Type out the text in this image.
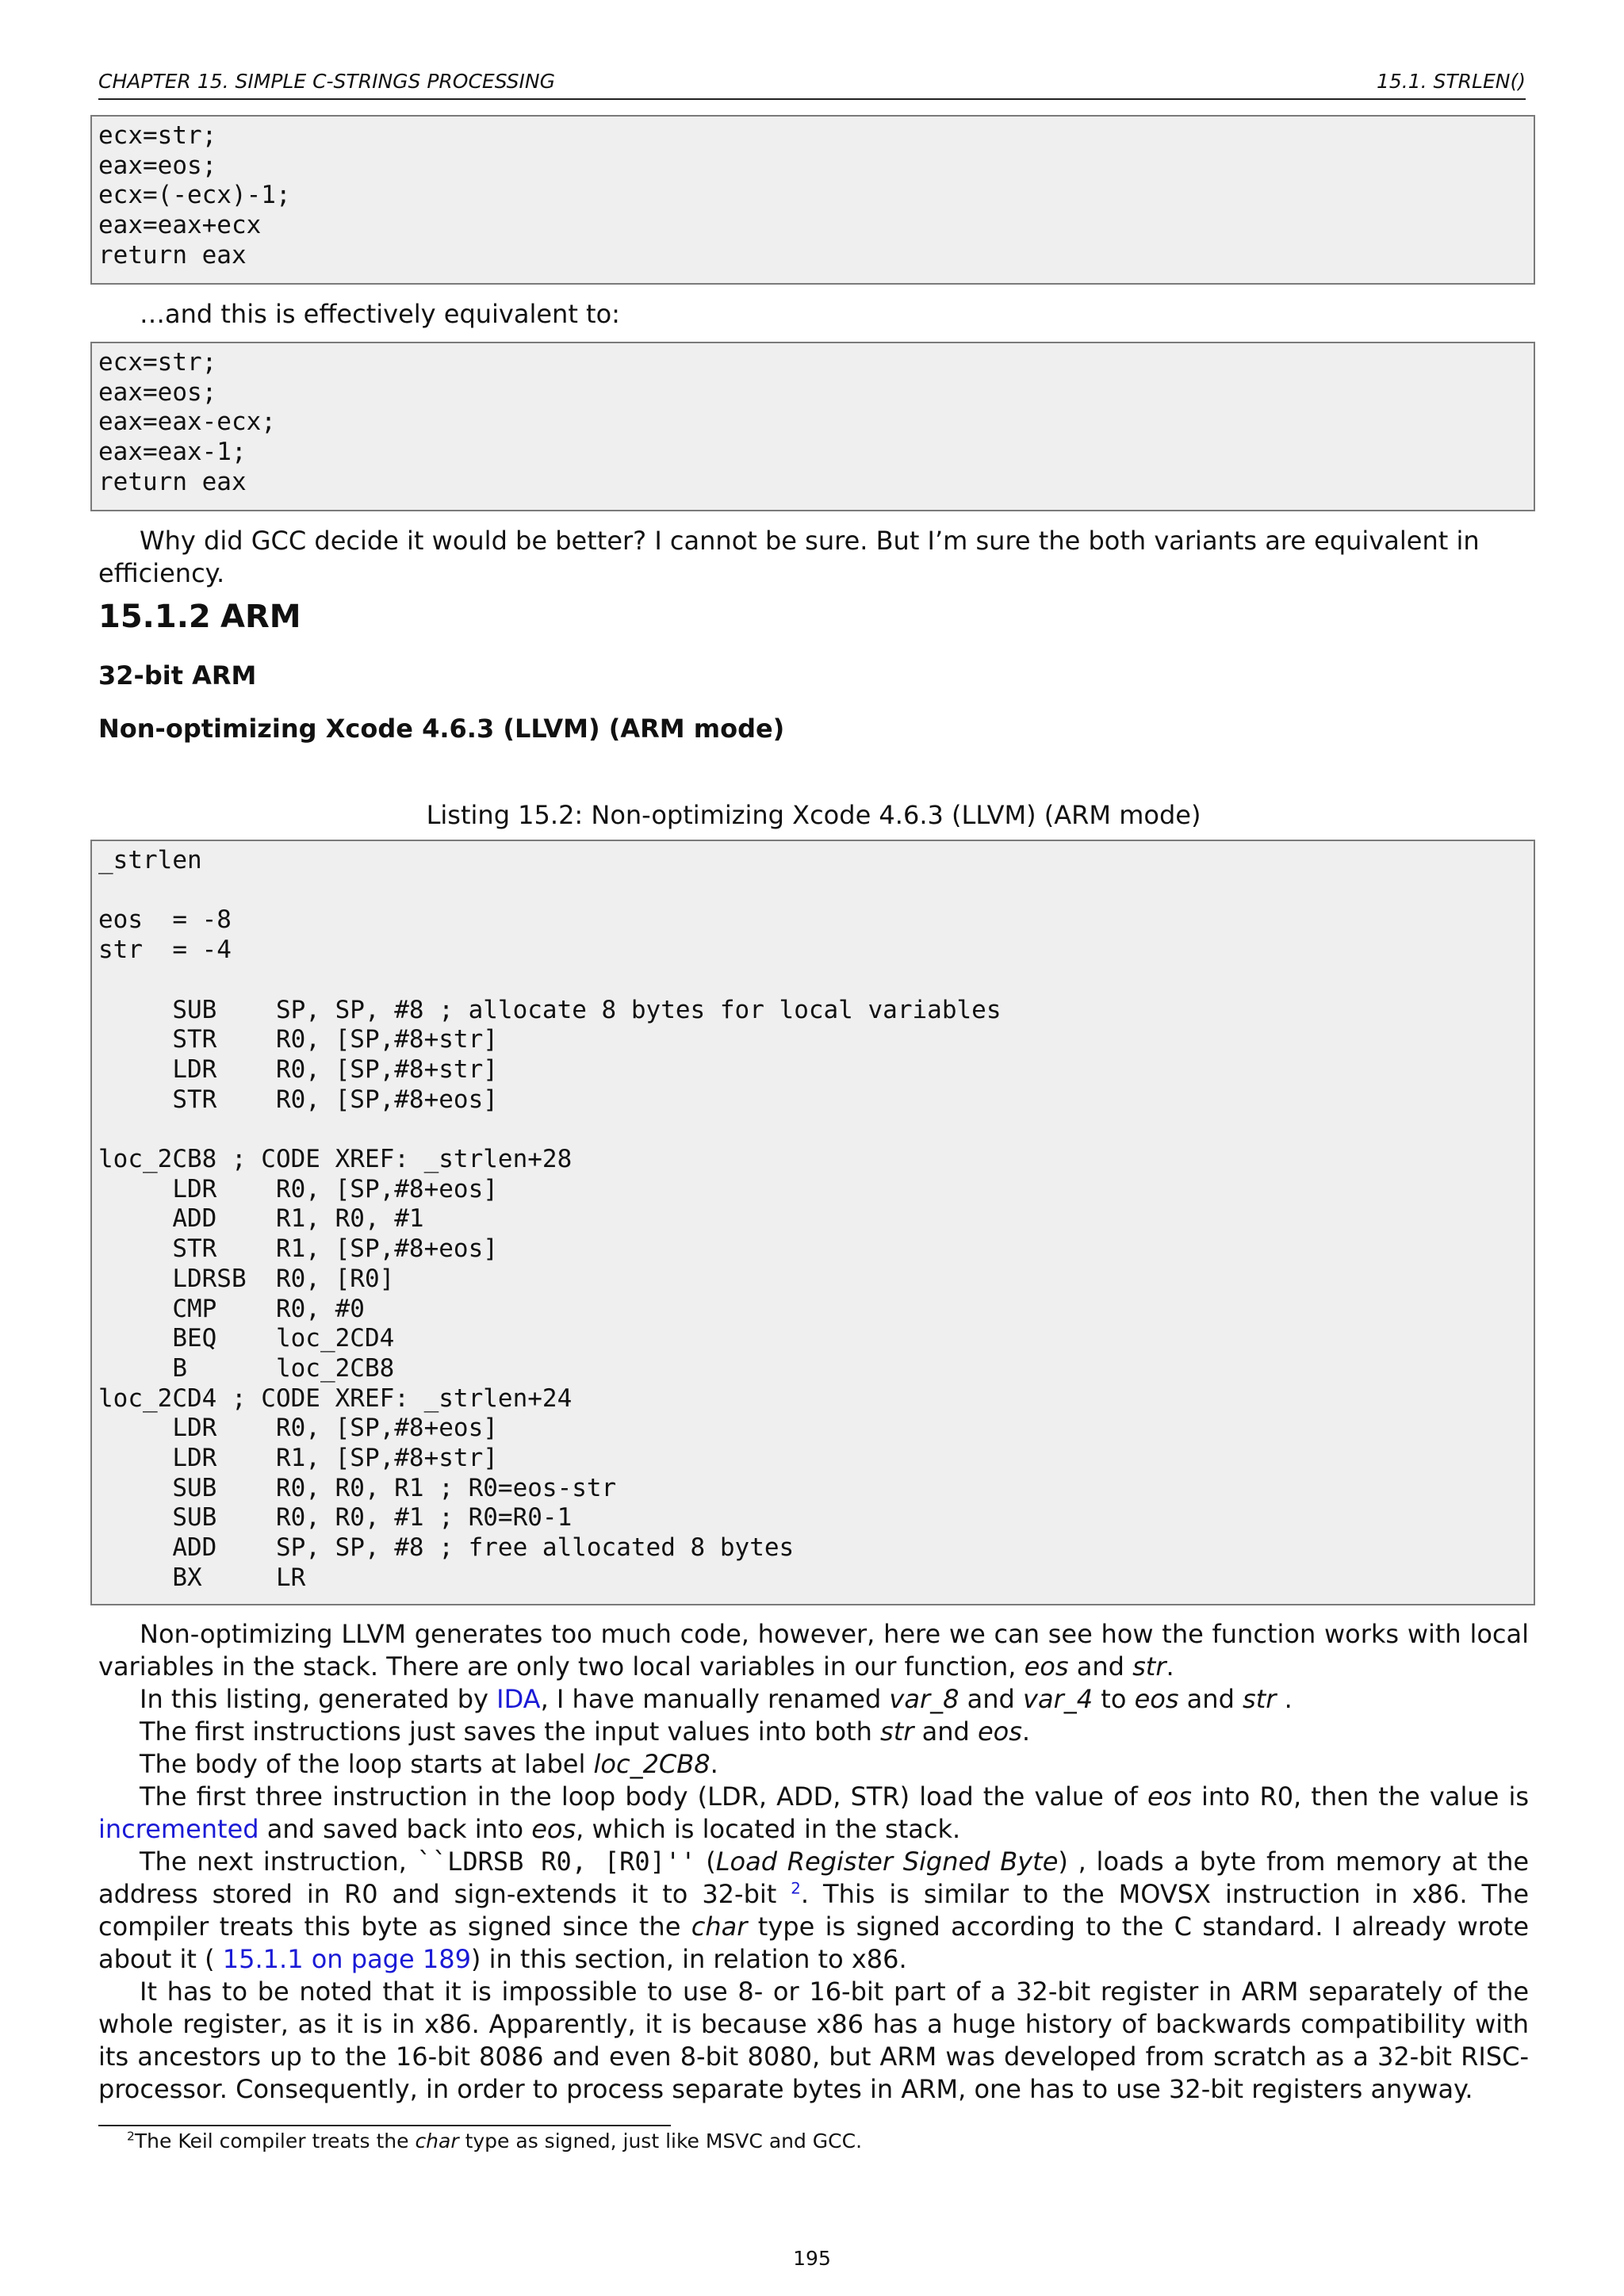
CHAPTER 15. SIMPLE C-STRINGS PROCESSING	15.1. STRLEN()
ecx=str;
eax=eos;
ecx=(-ecx)-1;
eax=eax+ecx
return eax

…and this is effectively equivalent to:

ecx=str;
eax=eos;
eax=eax-ecx;
eax=eax-1;
return eax

Why did GCC decide it would be better? I cannot be sure. But I’m sure the both variants are equivalent in efficiency.

15.1.2 ARM
32-bit ARM
Non-optimizing Xcode 4.6.3 (LLVM) (ARM mode)

Listing 15.2: Non-optimizing Xcode 4.6.3 (LLVM) (ARM mode)

_strlen

eos  = -8
str  = -4

SUB    SP, SP, #8 ; allocate 8 bytes for local variables
STR    R0, [SP,#8+str]
LDR    R0, [SP,#8+str]
STR    R0, [SP,#8+eos]

loc_2CB8 ; CODE XREF: _strlen+28
LDR    R0, [SP,#8+eos]
ADD    R1, R0, #1
STR    R1, [SP,#8+eos]
LDRSB  R0, [R0]
CMP    R0, #0
BEQ    loc_2CD4
B      loc_2CB8
loc_2CD4 ; CODE XREF: _strlen+24
LDR    R0, [SP,#8+eos]
LDR    R1, [SP,#8+str]
SUB    R0, R0, R1 ; R0=eos-str
SUB    R0, R0, #1 ; R0=R0-1
ADD    SP, SP, #8 ; free allocated 8 bytes
BX     LR

Non-optimizing LLVM generates too much code, however, here we can see how the function works with local variables in the stack. There are only two local variables in our function, eos and str.

In this listing, generated by IDA, I have manually renamed var_8 and var_4 to eos and str .

The first instructions just saves the input values into both str and eos.

The body of the loop starts at label loc_2CB8.

The first three instruction in the loop body (LDR, ADD, STR) load the value of eos into R0, then the value is incremented and saved back into eos, which is located in the stack.

The next instruction, ``LDRSB R0, [R0]'' (Load Register Signed Byte) , loads a byte from memory at the address stored in R0 and sign-extends it to 32-bit $^2$. This is similar to the MOVSX instruction in x86. The compiler treats this byte as signed since the char type is signed according to the C standard. I already wrote about it ( 15.1.1 on page 189) in this section, in relation to x86.

It has to be noted that it is impossible to use 8- or 16-bit part of a 32-bit register in ARM separately of the whole register, as it is in x86. Apparently, it is because x86 has a huge history of backwards compatibility with its ancestors up to the 16-bit 8086 and even 8-bit 8080, but ARM was developed from scratch as a 32-bit RISC-processor. Consequently, in order to process separate bytes in ARM, one has to use 32-bit registers anyway.

$^2$The Keil compiler treats the char type as signed, just like MSVC and GCC.

195
